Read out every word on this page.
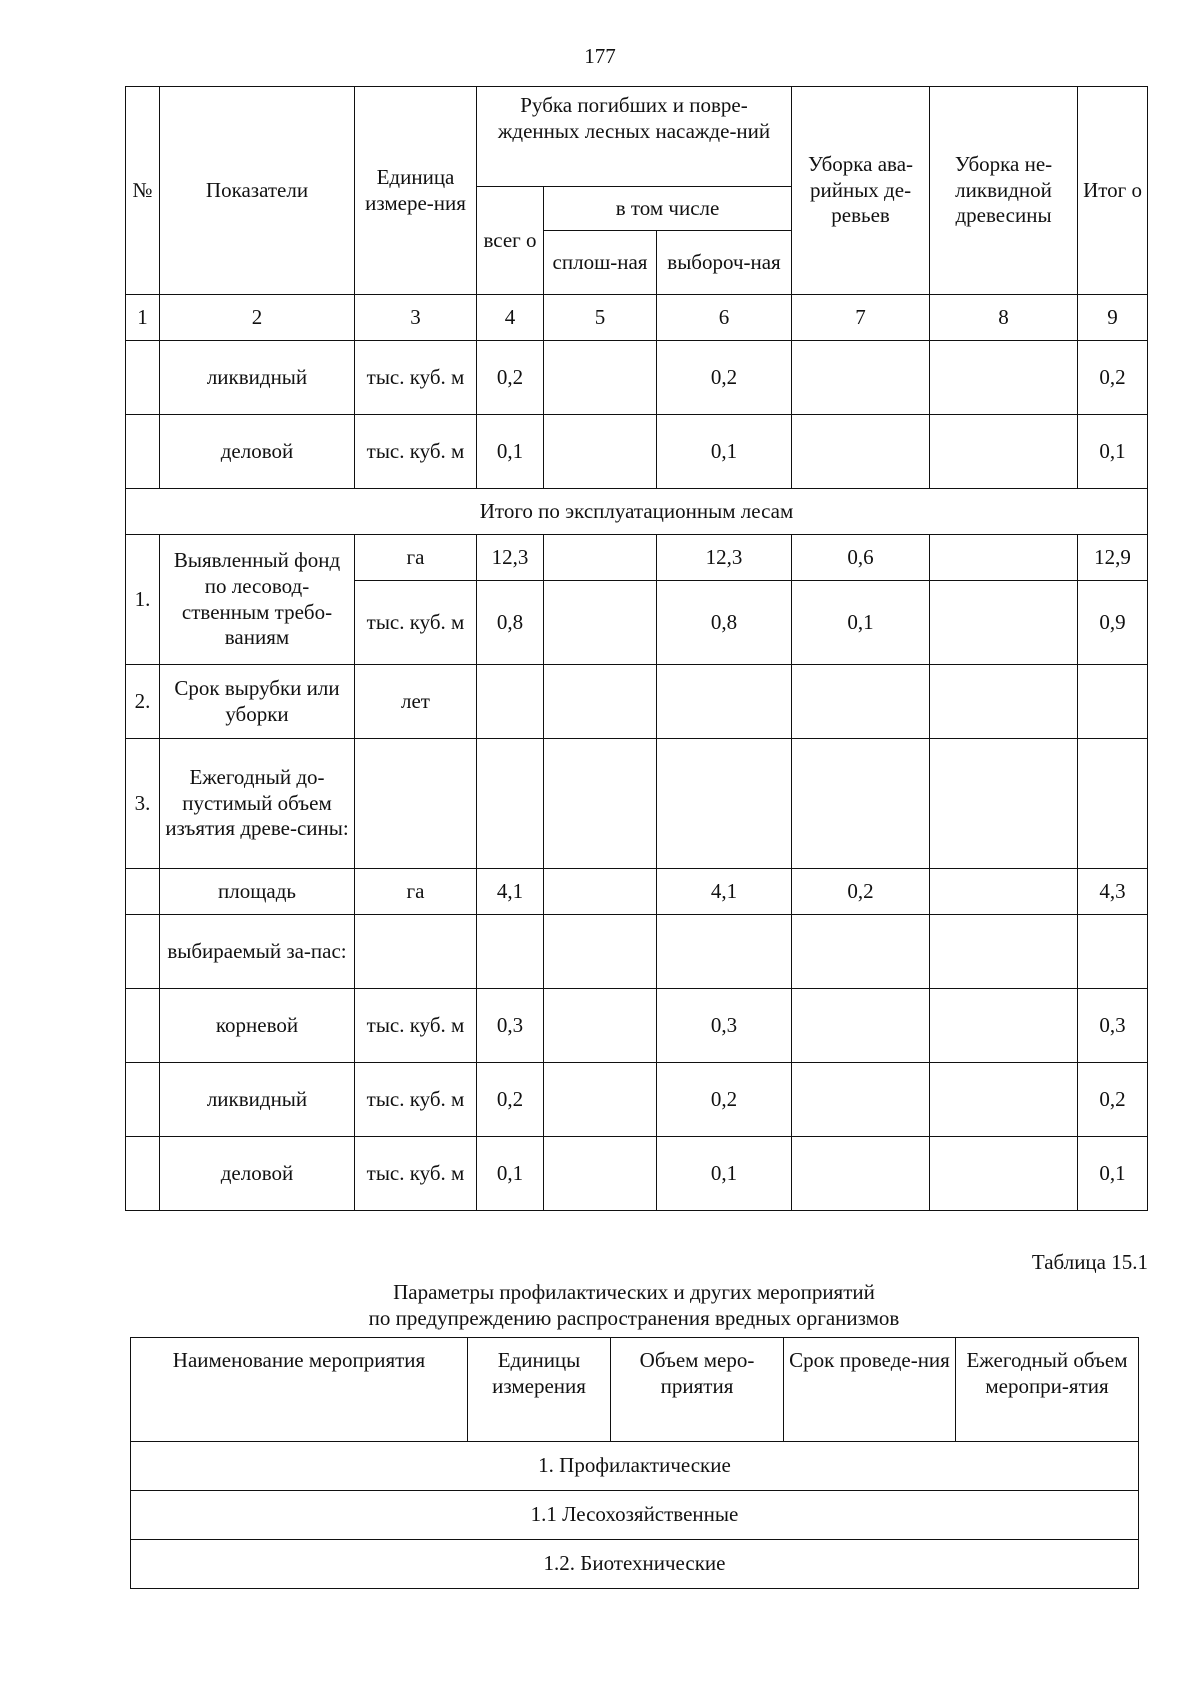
177
№	Показатели	Единица измере-ния	Рубка погибших и повре-жденных лесных насажде-ний			Уборка ава-рийных де-ревьев	Уборка не-ликвидной древесины	Итог о
			всег о	в том числе				
				сплош-ная	выбороч-ная			
1	2	3	4	5	6	7	8	9
	ликвидный	тыс. куб. м	0,2		0,2			0,2
	деловой	тыс. куб. м	0,1		0,1			0,1
Итого по эксплуатационным лесам								
1.	Выявленный фонд по лесовод-ственным требо-ваниям	га	12,3		12,3	0,6		12,9
		тыс. куб. м	0,8		0,8	0,1		0,9
2.	Срок вырубки или уборки	лет						
3.	Ежегодный до-пустимый объем изъятия древе-сины:							
	площадь	га	4,1		4,1	0,2		4,3
	выбираемый за-пас:							
	корневой	тыс. куб. м	0,3		0,3			0,3
	ликвидный	тыс. куб. м	0,2		0,2			0,2
	деловой	тыс. куб. м	0,1		0,1			0,1
Таблица 15.1
Параметры профилактических и других мероприятий
по предупреждению распространения вредных организмов
Наименование мероприятия	Единицы измерения	Объем меро-приятия	Срок проведе-ния	Ежегодный объем меропри-ятия
1. Профилактические
1.1 Лесохозяйственные
1.2. Биотехнические
